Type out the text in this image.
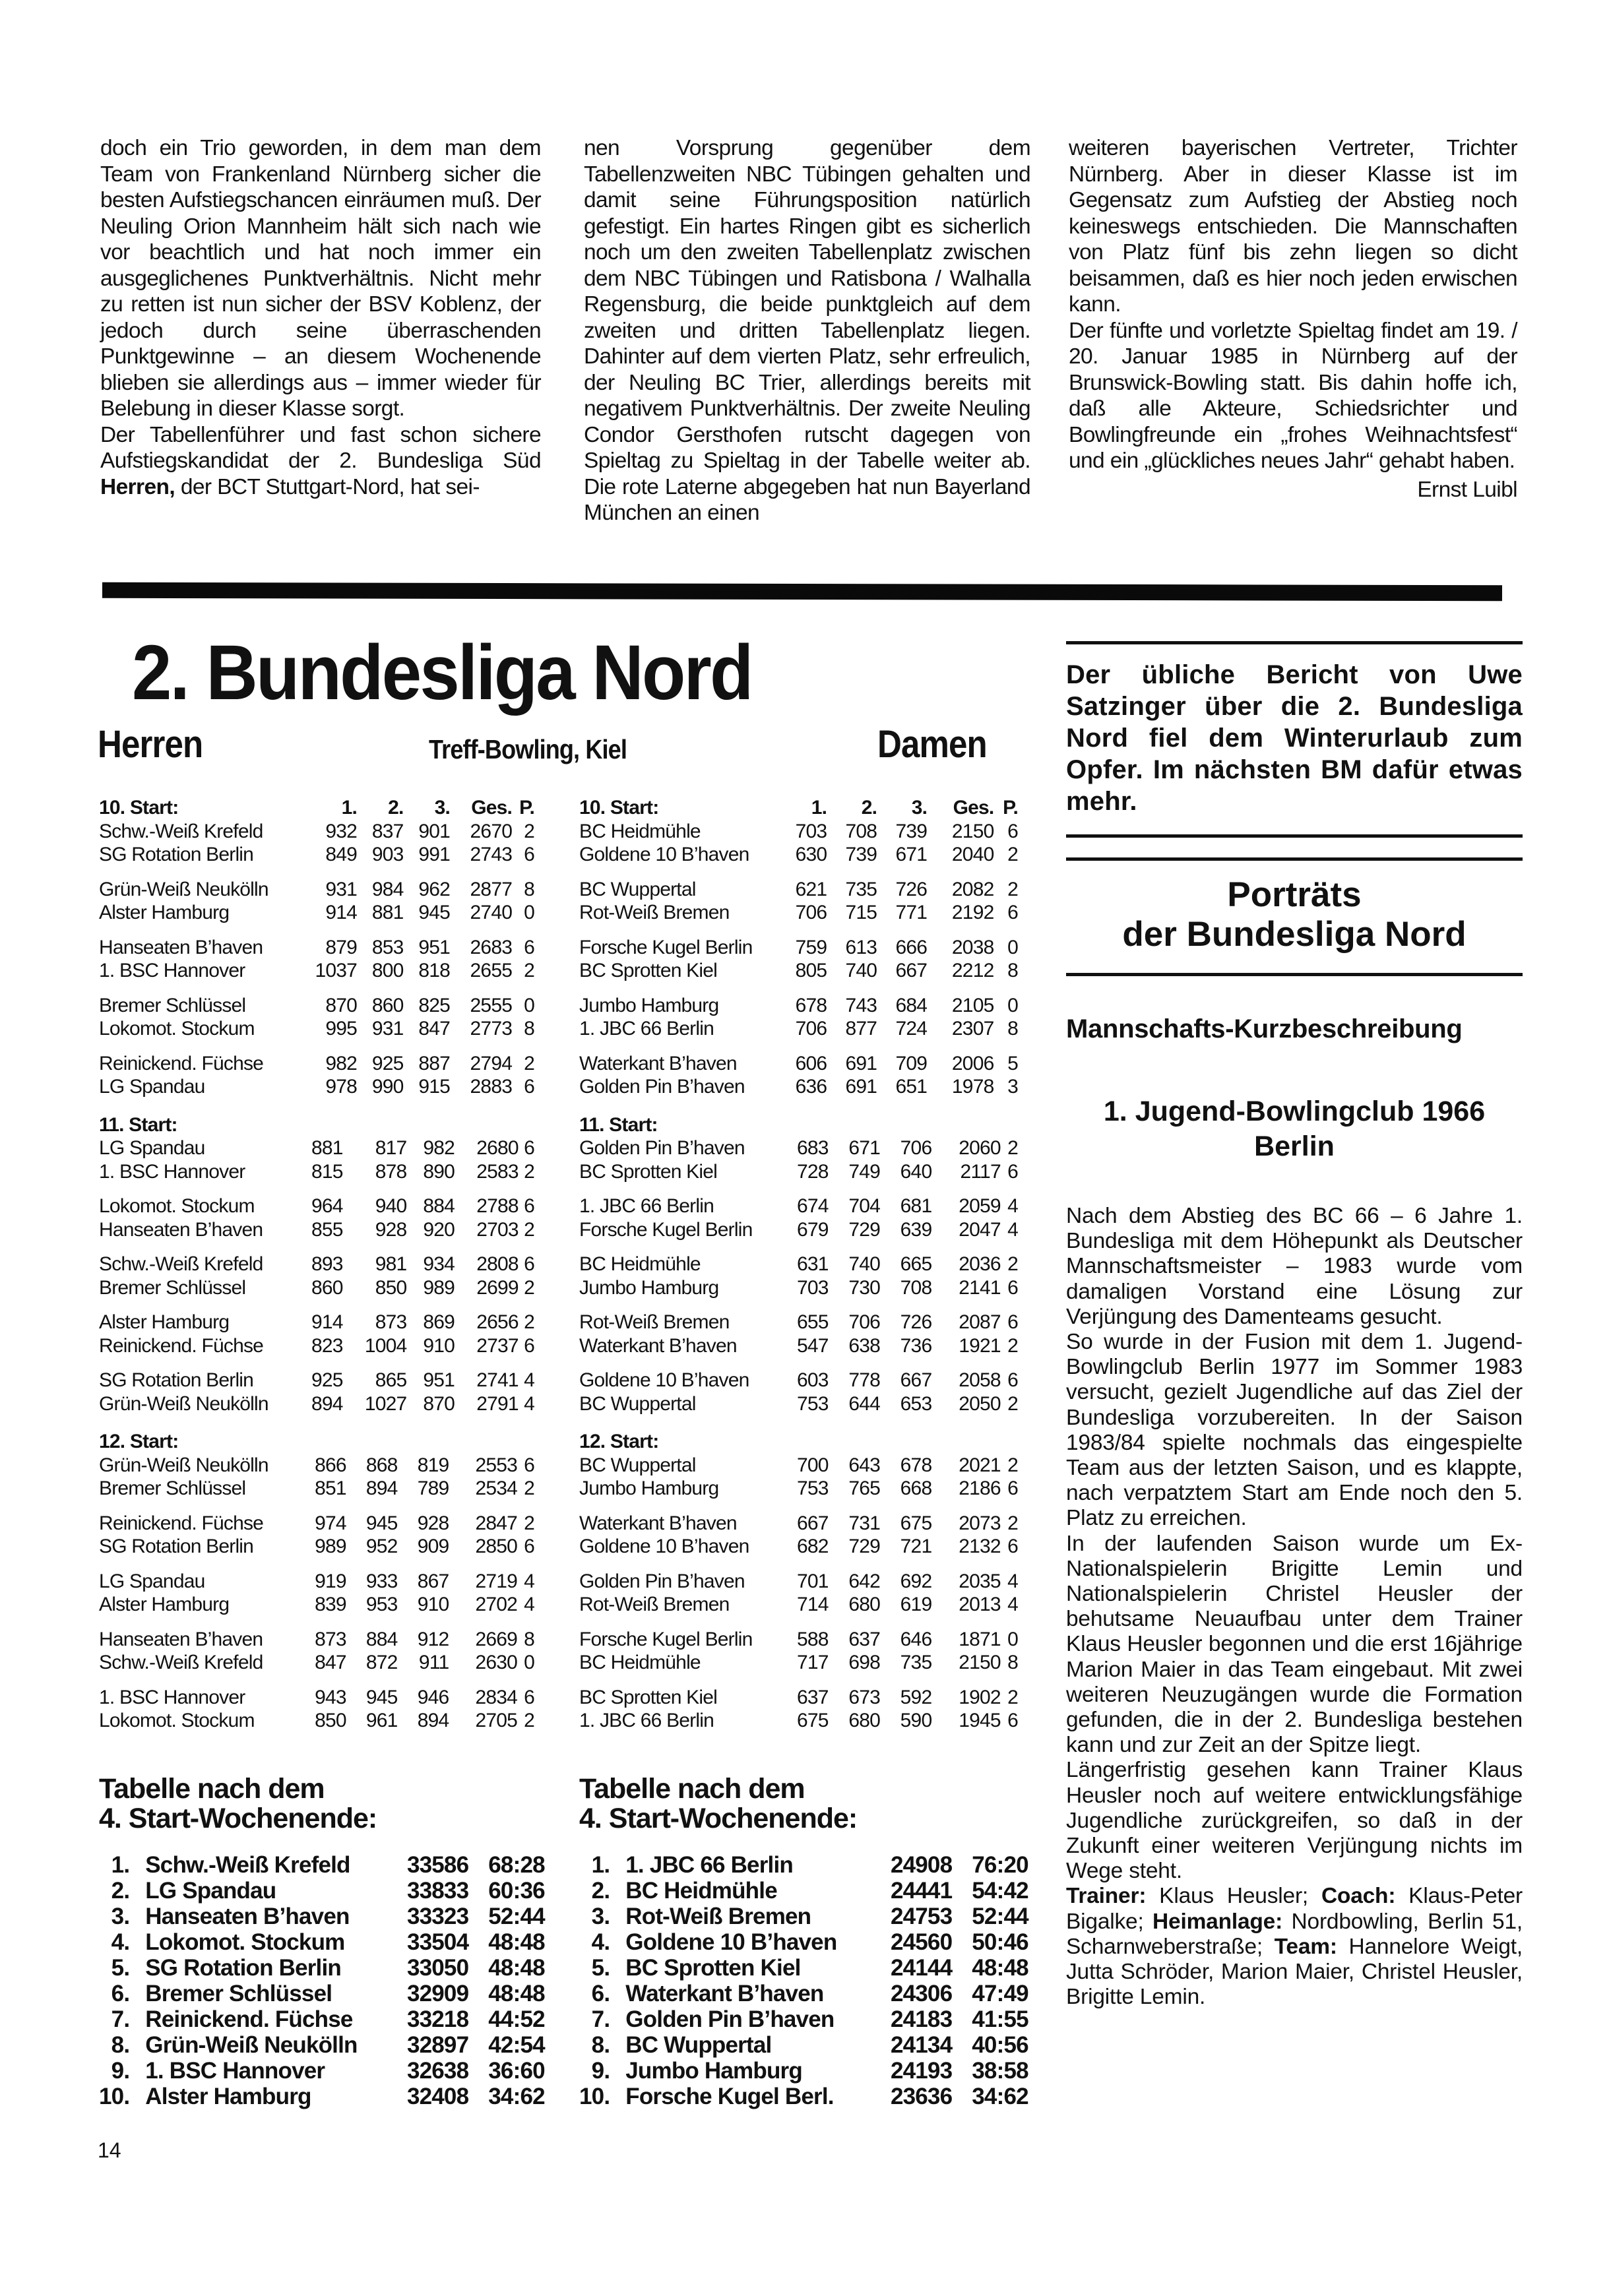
doch ein Trio geworden, in dem man dem Team von Frankenland Nürnberg sicher die besten Aufstiegschancen einräumen muß. Der Neuling Orion Mannheim hält sich nach wie vor beachtlich und hat noch immer ein ausgeglichenes Punktverhältnis. Nicht mehr zu retten ist nun sicher der BSV Koblenz, der jedoch durch seine überraschenden Punktgewinne – an diesem Wochenende blieben sie allerdings aus – immer wieder für Belebung in dieser Klasse sorgt.

Der Tabellenführer und fast schon sichere Aufstiegskandidat der 2. Bundesliga Süd Herren, der BCT Stuttgart-Nord, hat sei-

nen Vorsprung gegenüber dem Tabellenzweiten NBC Tübingen gehalten und damit seine Führungsposition natürlich gefestigt. Ein hartes Ringen gibt es sicherlich noch um den zweiten Tabellenplatz zwischen dem NBC Tübingen und Ratisbona / Walhalla Regensburg, die beide punktgleich auf dem zweiten und dritten Tabellenplatz liegen. Dahinter auf dem vierten Platz, sehr erfreulich, der Neuling BC Trier, allerdings bereits mit negativem Punktverhältnis. Der zweite Neuling Condor Gersthofen rutscht dagegen von Spieltag zu Spieltag in der Tabelle weiter ab. Die rote Laterne abgegeben hat nun Bayerland München an einen

weiteren bayerischen Vertreter, Trichter Nürnberg. Aber in dieser Klasse ist im Gegensatz zum Aufstieg der Abstieg noch keineswegs entschieden. Die Mannschaften von Platz fünf bis zehn liegen so dicht beisammen, daß es hier noch jeden erwischen kann.

Der fünfte und vorletzte Spieltag findet am 19. / 20. Januar 1985 in Nürnberg auf der Brunswick-Bowling statt. Bis dahin hoffe ich, daß alle Akteure, Schiedsrichter und Bowlingfreunde ein „frohes Weihnachtsfest“ und ein „glückliches neues Jahr“ gehabt haben.

Ernst Luibl

2. Bundesliga Nord
Herren	Treff-Bowling, Kiel	Damen
10. Start:	1.	2.	3.	Ges.	P.
Schw.-Weiß Krefeld	932	837	901	2670	2
SG Rotation Berlin	849	903	991	2743	6

Grün-Weiß Neukölln	931	984	962	2877	8
Alster Hamburg	914	881	945	2740	0

Hanseaten B’haven	879	853	951	2683	6
1. BSC Hannover	1037	800	818	2655	2

Bremer Schlüssel	870	860	825	2555	0
Lokomot. Stockum	995	931	847	2773	8

Reinickend. Füchse	982	925	887	2794	2
LG Spandau	978	990	915	2883	6
11. Start:					
LG Spandau	881	817	982	2680	6
1. BSC Hannover	815	878	890	2583	2

Lokomot. Stockum	964	940	884	2788	6
Hanseaten B’haven	855	928	920	2703	2

Schw.-Weiß Krefeld	893	981	934	2808	6
Bremer Schlüssel	860	850	989	2699	2

Alster Hamburg	914	873	869	2656	2
Reinickend. Füchse	823	1004	910	2737	6

SG Rotation Berlin	925	865	951	2741	4
Grün-Weiß Neukölln	894	1027	870	2791	4
12. Start:					
Grün-Weiß Neukölln	866	868	819	2553	6
Bremer Schlüssel	851	894	789	2534	2

Reinickend. Füchse	974	945	928	2847	2
SG Rotation Berlin	989	952	909	2850	6

LG Spandau	919	933	867	2719	4
Alster Hamburg	839	953	910	2702	4

Hanseaten B’haven	873	884	912	2669	8
Schw.-Weiß Krefeld	847	872	911	2630	0

1. BSC Hannover	943	945	946	2834	6
Lokomot. Stockum	850	961	894	2705	2
10. Start:	1.	2.	3.	Ges.	P.
BC Heidmühle	703	708	739	2150	6
Goldene 10 B’haven	630	739	671	2040	2

BC Wuppertal	621	735	726	2082	2
Rot-Weiß Bremen	706	715	771	2192	6

Forsche Kugel Berlin	759	613	666	2038	0
BC Sprotten Kiel	805	740	667	2212	8

Jumbo Hamburg	678	743	684	2105	0
1. JBC 66 Berlin	706	877	724	2307	8

Waterkant B’haven	606	691	709	2006	5
Golden Pin B’haven	636	691	651	1978	3
11. Start:					
Golden Pin B’haven	683	671	706	2060	2
BC Sprotten Kiel	728	749	640	2117	6

1. JBC 66 Berlin	674	704	681	2059	4
Forsche Kugel Berlin	679	729	639	2047	4

BC Heidmühle	631	740	665	2036	2
Jumbo Hamburg	703	730	708	2141	6

Rot-Weiß Bremen	655	706	726	2087	6
Waterkant B’haven	547	638	736	1921	2

Goldene 10 B’haven	603	778	667	2058	6
BC Wuppertal	753	644	653	2050	2
12. Start:					
BC Wuppertal	700	643	678	2021	2
Jumbo Hamburg	753	765	668	2186	6

Waterkant B’haven	667	731	675	2073	2
Goldene 10 B’haven	682	729	721	2132	6

Golden Pin B’haven	701	642	692	2035	4
Rot-Weiß Bremen	714	680	619	2013	4

Forsche Kugel Berlin	588	637	646	1871	0
BC Heidmühle	717	698	735	2150	8

BC Sprotten Kiel	637	673	592	1902	2
1. JBC 66 Berlin	675	680	590	1945	6
Tabelle nach dem
4. Start-Wochenende:
1.	Schw.-Weiß Krefeld	33586	68:28
2.	LG Spandau	33833	60:36
3.	Hanseaten B’haven	33323	52:44
4.	Lokomot. Stockum	33504	48:48
5.	SG Rotation Berlin	33050	48:48
6.	Bremer Schlüssel	32909	48:48
7.	Reinickend. Füchse	33218	44:52
8.	Grün-Weiß Neukölln	32897	42:54
9.	1. BSC Hannover	32638	36:60
10.	Alster Hamburg	32408	34:62
Tabelle nach dem
4. Start-Wochenende:
1.	1. JBC 66 Berlin	24908	76:20
2.	BC Heidmühle	24441	54:42
3.	Rot-Weiß Bremen	24753	52:44
4.	Goldene 10 B’haven	24560	50:46
5.	BC Sprotten Kiel	24144	48:48
6.	Waterkant B’haven	24306	47:49
7.	Golden Pin B’haven	24183	41:55
8.	BC Wuppertal	24134	40:56
9.	Jumbo Hamburg	24193	38:58
10.	Forsche Kugel Berl.	23636	34:62
Der übliche Bericht von Uwe Satzinger über die 2. Bundesliga Nord fiel dem Winterurlaub zum Opfer. Im nächsten BM dafür etwas mehr.
Porträts
der Bundesliga Nord
Mannschafts-Kurzbeschreibung
1. Jugend-Bowlingclub 1966
Berlin

Nach dem Abstieg des BC 66 – 6 Jahre 1. Bundesliga mit dem Höhepunkt als Deutscher Mannschaftsmeister – 1983 wurde vom damaligen Vorstand eine Lösung zur Verjüngung des Damenteams gesucht.

So wurde in der Fusion mit dem 1. Jugend-Bowlingclub Berlin 1977 im Sommer 1983 versucht, gezielt Jugendliche auf das Ziel der Bundesliga vorzubereiten. In der Saison 1983/84 spielte nochmals das eingespielte Team aus der letzten Saison, und es klappte, nach verpatztem Start am Ende noch den 5. Platz zu erreichen.

In der laufenden Saison wurde um Ex-Nationalspielerin Brigitte Lemin und Nationalspielerin Christel Heusler der behutsame Neuaufbau unter dem Trainer Klaus Heusler begonnen und die erst 16jährige Marion Maier in das Team eingebaut. Mit zwei weiteren Neuzugängen wurde die Formation gefunden, die in der 2. Bundesliga bestehen kann und zur Zeit an der Spitze liegt.

Längerfristig gesehen kann Trainer Klaus Heusler noch auf weitere entwicklungsfähige Jugendliche zurückgreifen, so daß in der Zukunft einer weiteren Verjüngung nichts im Wege steht.

Trainer: Klaus Heusler; Coach: Klaus-Peter Bigalke; Heimanlage: Nordbowling, Berlin 51, Scharnweberstraße; Team: Hannelore Weigt, Jutta Schröder, Marion Maier, Christel Heusler, Brigitte Lemin.

14
